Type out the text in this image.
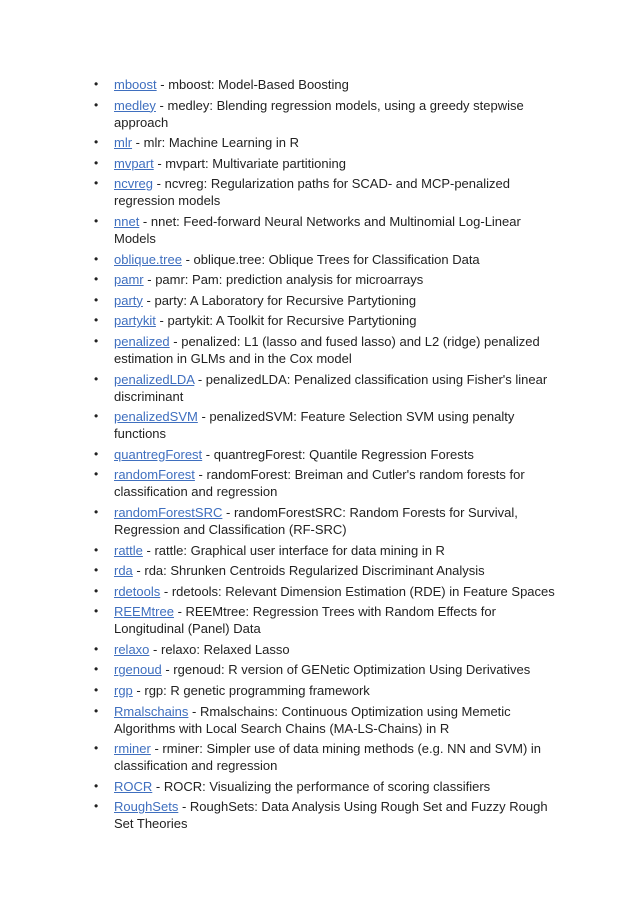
•	mboost - mboost: Model-Based Boosting
•	medley - medley: Blending regression models, using a greedy stepwise approach
•	mlr - mlr: Machine Learning in R
•	mvpart - mvpart: Multivariate partitioning
•	ncvreg - ncvreg: Regularization paths for SCAD- and MCP-penalized regression models
•	nnet - nnet: Feed-forward Neural Networks and Multinomial Log-Linear Models
•	oblique.tree - oblique.tree: Oblique Trees for Classification Data
•	pamr - pamr: Pam: prediction analysis for microarrays
•	party - party: A Laboratory for Recursive Partytioning
•	partykit - partykit: A Toolkit for Recursive Partytioning
•	penalized - penalized: L1 (lasso and fused lasso) and L2 (ridge) penalized estimation in GLMs and in the Cox model
•	penalizedLDA - penalizedLDA: Penalized classification using Fisher's linear discriminant
•	penalizedSVM - penalizedSVM: Feature Selection SVM using penalty functions
•	quantregForest - quantregForest: Quantile Regression Forests
•	randomForest - randomForest: Breiman and Cutler's random forests for classification and regression
•	randomForestSRC - randomForestSRC: Random Forests for Survival, Regression and Classification (RF-SRC)
•	rattle - rattle: Graphical user interface for data mining in R
•	rda - rda: Shrunken Centroids Regularized Discriminant Analysis
•	rdetools - rdetools: Relevant Dimension Estimation (RDE) in Feature Spaces
•	REEMtree - REEMtree: Regression Trees with Random Effects for Longitudinal (Panel) Data
•	relaxo - relaxo: Relaxed Lasso
•	rgenoud - rgenoud: R version of GENetic Optimization Using Derivatives
•	rgp - rgp: R genetic programming framework
•	Rmalschains - Rmalschains: Continuous Optimization using Memetic Algorithms with Local Search Chains (MA-LS-Chains) in R
•	rminer - rminer: Simpler use of data mining methods (e.g. NN and SVM) in classification and regression
•	ROCR - ROCR: Visualizing the performance of scoring classifiers
•	RoughSets - RoughSets: Data Analysis Using Rough Set and Fuzzy Rough Set Theories
